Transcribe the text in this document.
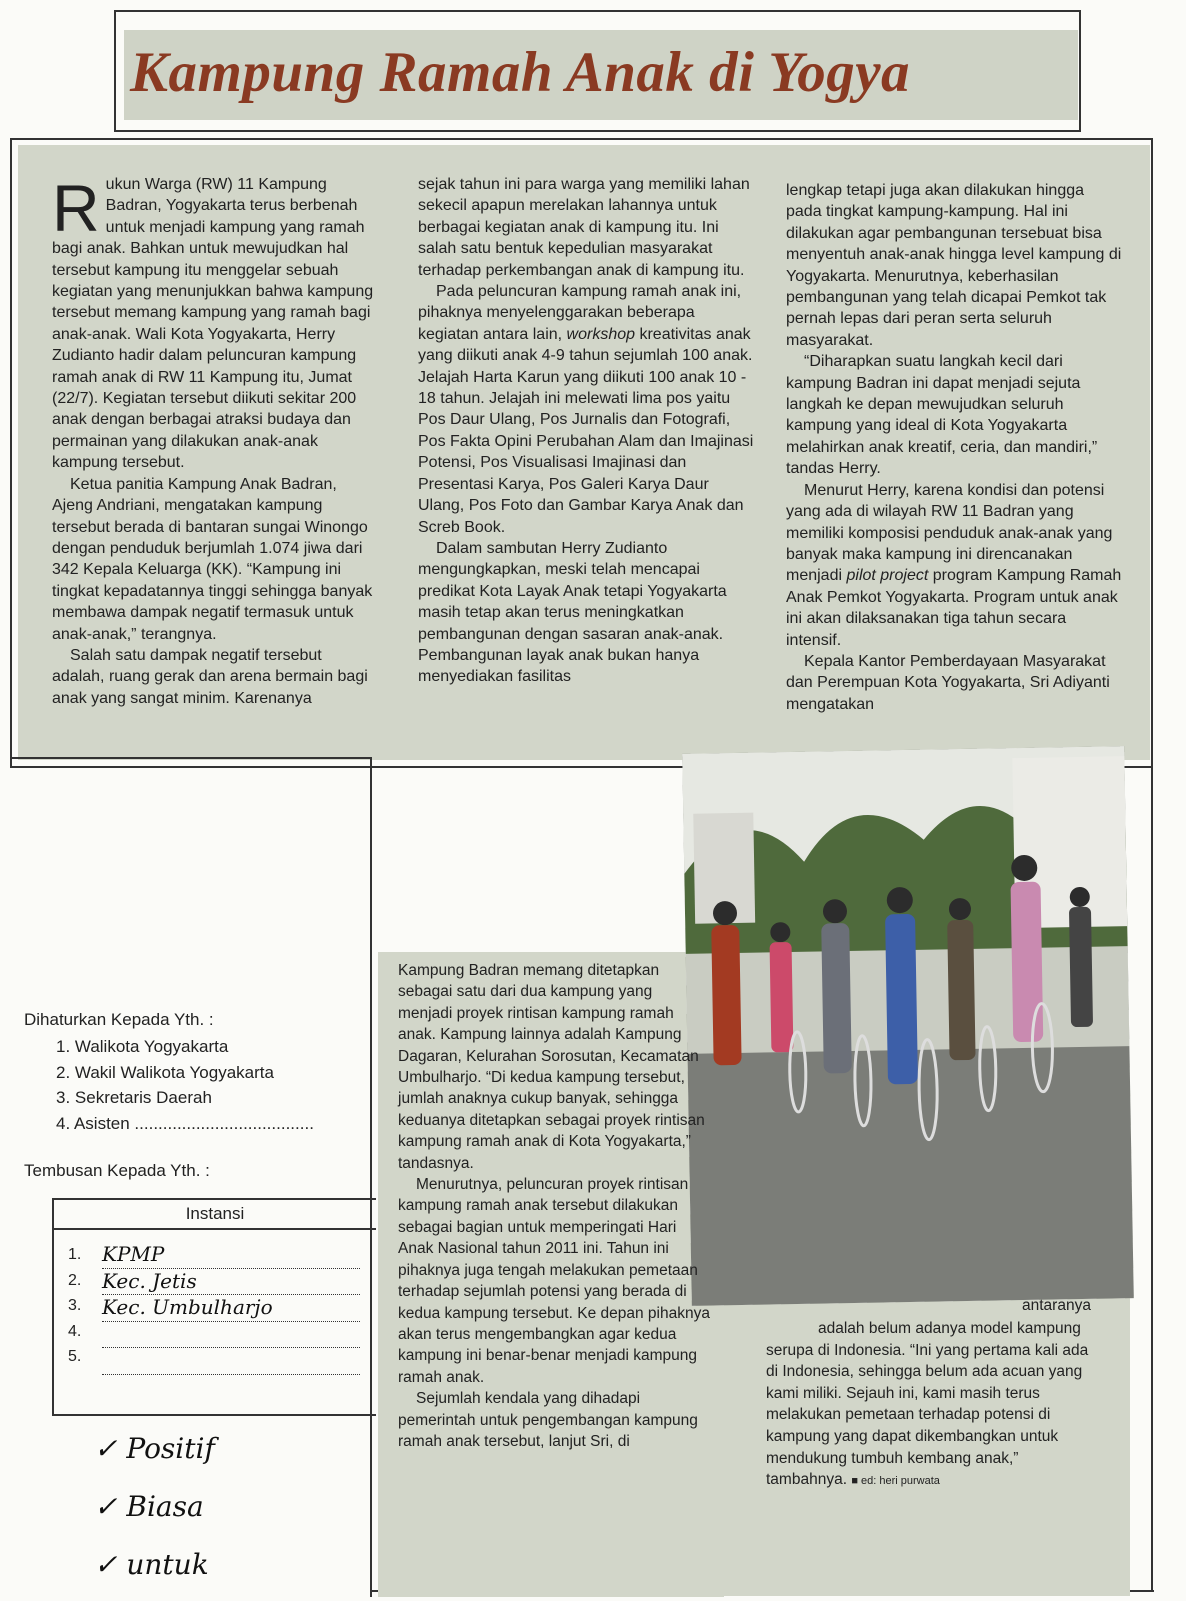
Kampung Ramah Anak di Yogya

Rukun Warga (RW) 11 Kampung Badran, Yogyakarta terus berbenah untuk menjadi kampung yang ramah bagi anak. Bahkan untuk mewujudkan hal tersebut kampung itu menggelar sebuah kegiatan yang menunjukkan bahwa kampung tersebut memang kampung yang ramah bagi anak-anak. Wali Kota Yogyakarta, Herry Zudianto hadir dalam peluncuran kampung ramah anak di RW 11 Kampung itu, Jumat (22/7). Kegiatan tersebut diikuti sekitar 200 anak dengan berbagai atraksi budaya dan permainan yang dilakukan anak-anak kampung tersebut.

Ketua panitia Kampung Anak Badran, Ajeng Andriani, mengatakan kampung tersebut berada di bantaran sungai Winongo dengan penduduk berjumlah 1.074 jiwa dari 342 Kepala Keluarga (KK). “Kampung ini tingkat kepadatannya tinggi sehingga banyak membawa dampak negatif termasuk untuk anak-anak,” terangnya.

Salah satu dampak negatif tersebut adalah, ruang gerak dan arena bermain bagi anak yang sangat minim. Karenanya

sejak tahun ini para warga yang memiliki lahan sekecil apapun merelakan lahannya untuk berbagai kegiatan anak di kampung itu. Ini salah satu bentuk kepedulian masyarakat terhadap perkembangan anak di kampung itu.

Pada peluncuran kampung ramah anak ini, pihaknya menyelenggarakan beberapa kegiatan antara lain, workshop kreativitas anak yang diikuti anak 4-9 tahun sejumlah 100 anak. Jelajah Harta Karun yang diikuti 100 anak 10 - 18 tahun. Jelajah ini melewati lima pos yaitu Pos Daur Ulang, Pos Jurnalis dan Fotografi, Pos Fakta Opini Perubahan Alam dan Imajinasi Potensi, Pos Visualisasi Imajinasi dan Presentasi Karya, Pos Galeri Karya Daur Ulang, Pos Foto dan Gambar Karya Anak dan Screb Book.

Dalam sambutan Herry Zudianto mengungkapkan, meski telah mencapai predikat Kota Layak Anak tetapi Yogyakarta masih tetap akan terus meningkatkan pembangunan dengan sasaran anak-anak. Pembangunan layak anak bukan hanya menyediakan fasilitas

lengkap tetapi juga akan dilakukan hingga pada tingkat kampung-kampung. Hal ini dilakukan agar pembangunan tersebuat bisa menyentuh anak-anak hingga level kampung di Yogyakarta. Menurutnya, keberhasilan pembangunan yang telah dicapai Pemkot tak pernah lepas dari peran serta seluruh masyarakat.

“Diharapkan suatu langkah kecil dari kampung Badran ini dapat menjadi sejuta langkah ke depan mewujudkan seluruh kampung yang ideal di Kota Yogyakarta melahirkan anak kreatif, ceria, dan mandiri,” tandas Herry.

Menurut Herry, karena kondisi dan potensi yang ada di wilayah RW 11 Badran yang memiliki komposisi penduduk anak-anak yang banyak maka kampung ini direncanakan menjadi pilot project program Kampung Ramah Anak Pemkot Yogyakarta. Program untuk anak ini akan dilaksanakan tiga tahun secara intensif.

Kepala Kantor Pemberdayaan Masyarakat dan Perempuan Kota Yogyakarta, Sri Adiyanti mengatakan

Kampung Badran memang ditetapkan sebagai satu dari dua kampung yang menjadi proyek rintisan kampung ramah anak. Kampung lainnya adalah Kampung Dagaran, Kelurahan Sorosutan, Kecamatan Umbulharjo. “Di kedua kampung tersebut, jumlah anaknya cukup banyak, sehingga keduanya ditetapkan sebagai proyek rintisan kampung ramah anak di Kota Yogyakarta,” tandasnya.

Menurutnya, peluncuran proyek rintisan kampung ramah anak tersebut dilakukan sebagai bagian untuk memperingati Hari Anak Nasional tahun 2011 ini. Tahun ini pihaknya juga tengah melakukan pemetaan terhadap sejumlah potensi yang berada di kedua kampung tersebut. Ke depan pihaknya akan terus mengembangkan agar kedua kampung ini benar-benar menjadi kampung ramah anak.

Sejumlah kendala yang dihadapi pemerintah untuk pengembangan kampung ramah anak tersebut, lanjut Sri, di

antaranya

adalah belum adanya model kampung serupa di Indonesia. “Ini yang pertama kali ada di Indonesia, sehingga belum ada acuan yang kami miliki. Sejauh ini, kami masih terus melakukan pemetaan terhadap potensi di kampung yang dapat dikembangkan untuk mendukung tumbuh kembang anak,” tambahnya. ■ ed: heri purwata

Dihaturkan Kepada Yth. :
1. Walikota Yogyakarta
2. Wakil Walikota Yogyakarta
3. Sekretaris Daerah
4. Asisten ......................................
Tembusan Kepada Yth. :
Instansi
1.
2.
3.
4.
5.
KPMP
Kec. Jetis
Kec. Umbulharjo
✓ Positif
✓ Biasa
✓ untuk
